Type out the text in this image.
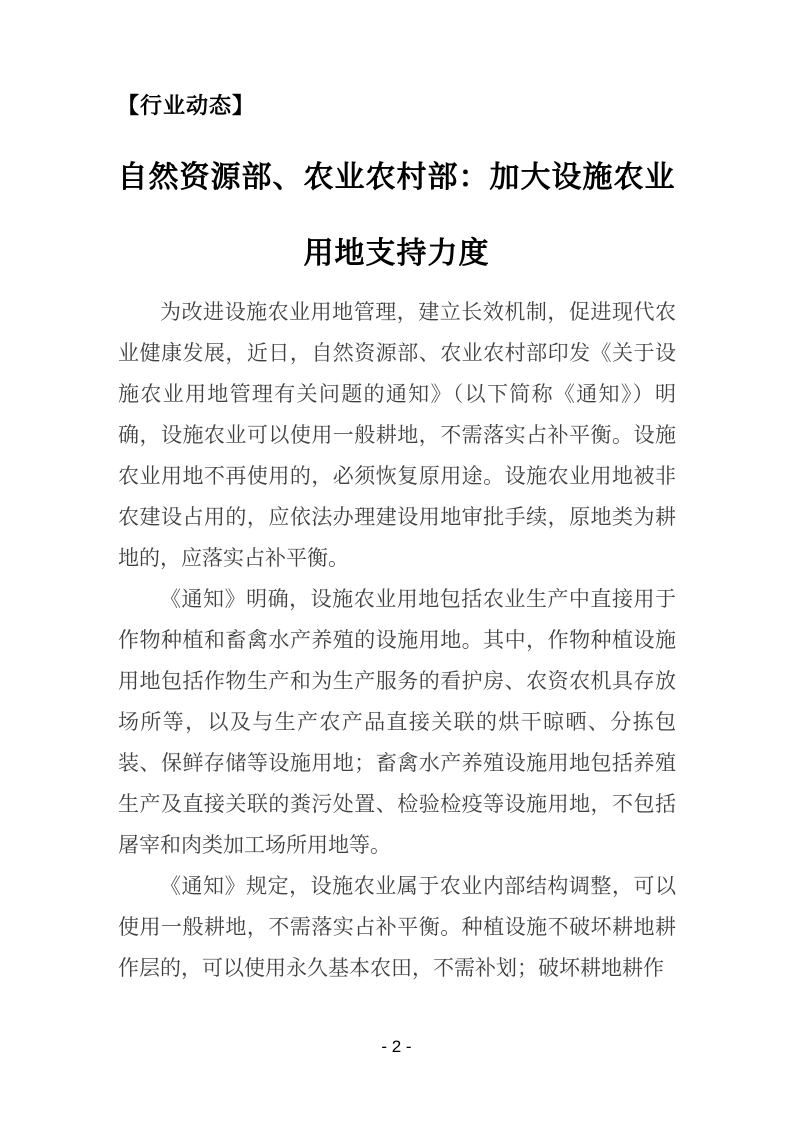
【行业动态】
自然资源部、农业农村部：加大设施农业
用地支持力度

为改进设施农业用地管理，建立长效机制，促进现代农业健康发展，近日，自然资源部、农业农村部印发《关于设施农业用地管理有关问题的通知》（以下简称《通知》）明确，设施农业可以使用一般耕地，不需落实占补平衡。设施农业用地不再使用的，必须恢复原用途。设施农业用地被非农建设占用的，应依法办理建设用地审批手续，原地类为耕地的，应落实占补平衡。

《通知》明确，设施农业用地包括农业生产中直接用于作物种植和畜禽水产养殖的设施用地。其中，作物种植设施用地包括作物生产和为生产服务的看护房、农资农机具存放场所等，以及与生产农产品直接关联的烘干晾晒、分拣包装、保鲜存储等设施用地；畜禽水产养殖设施用地包括养殖生产及直接关联的粪污处置、检验检疫等设施用地，不包括屠宰和肉类加工场所用地等。

《通知》规定，设施农业属于农业内部结构调整，可以使用一般耕地，不需落实占补平衡。种植设施不破坏耕地耕作层的，可以使用永久基本农田，不需补划；破坏耕地耕作

- 2 -
